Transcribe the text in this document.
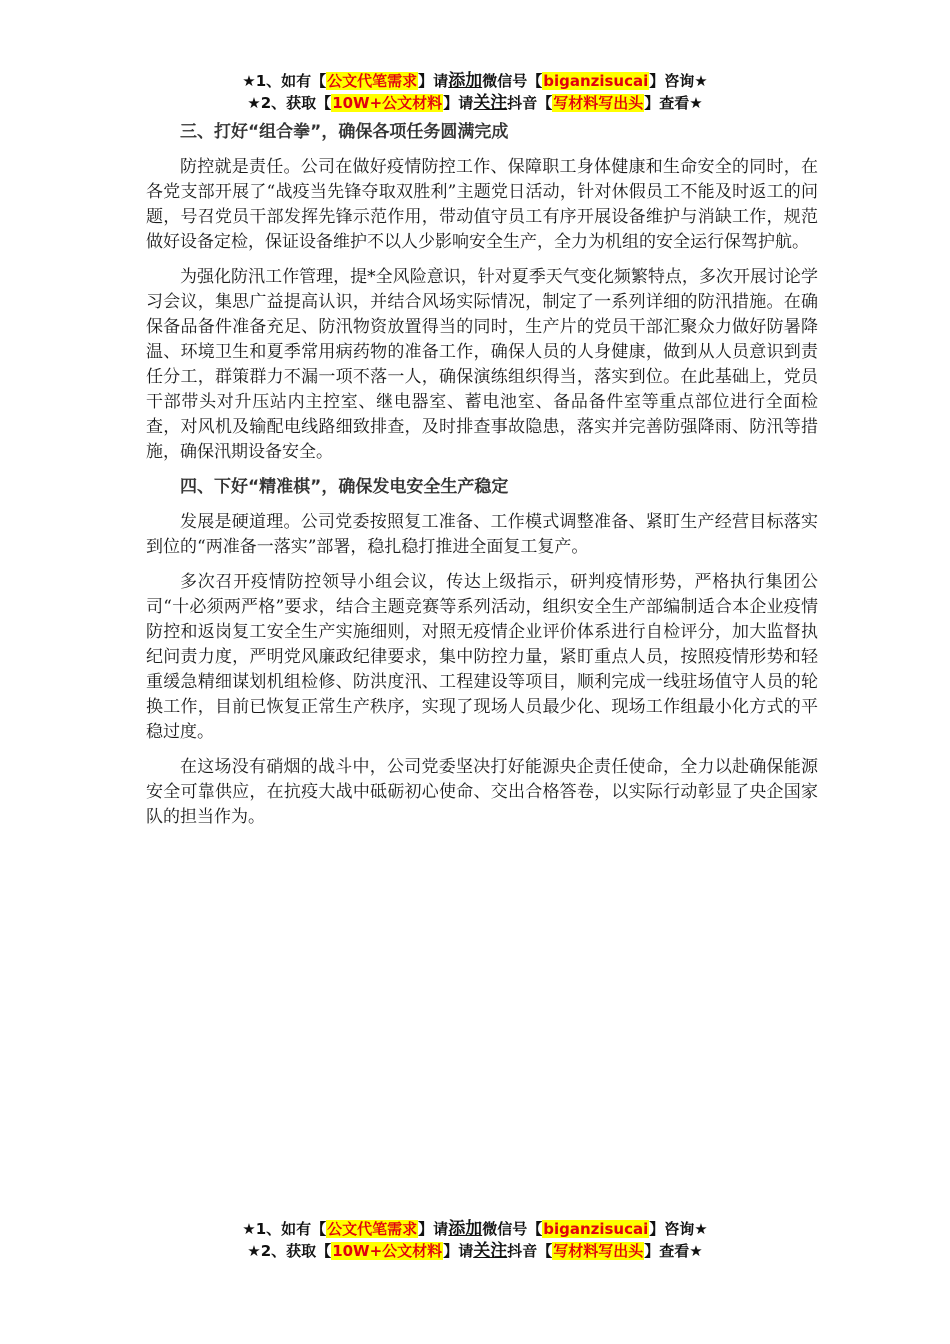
★1、如有【公文代笔需求】请添加微信号【biganzisucai】咨询★
★2、获取【10W+公文材料】请关注抖音【写材料写出头】查看★
三、打好“组合拳”，确保各项任务圆满完成

防控就是责任。公司在做好疫情防控工作、保障职工身体健康和生命安全的同时，在各党支部开展了“战疫当先锋夺取双胜利”主题党日活动，针对休假员工不能及时返工的问题，号召党员干部发挥先锋示范作用，带动值守员工有序开展设备维护与消缺工作，规范做好设备定检，保证设备维护不以人少影响安全生产，全力为机组的安全运行保驾护航。

为强化防汛工作管理，提*全风险意识，针对夏季天气变化频繁特点，多次开展讨论学习会议，集思广益提高认识，并结合风场实际情况，制定了一系列详细的防汛措施。在确保备品备件准备充足、防汛物资放置得当的同时，生产片的党员干部汇聚众力做好防暑降温、环境卫生和夏季常用病药物的准备工作，确保人员的人身健康，做到从人员意识到责任分工，群策群力不漏一项不落一人，确保演练组织得当，落实到位。在此基础上，党员干部带头对升压站内主控室、继电器室、蓄电池室、备品备件室等重点部位进行全面检查，对风机及输配电线路细致排查，及时排查事故隐患，落实并完善防强降雨、防汛等措施，确保汛期设备安全。

四、下好“精准棋”，确保发电安全生产稳定

发展是硬道理。公司党委按照复工准备、工作模式调整准备、紧盯生产经营目标落实到位的“两准备一落实”部署，稳扎稳打推进全面复工复产。

多次召开疫情防控领导小组会议，传达上级指示，研判疫情形势，严格执行集团公司“十必须两严格”要求，结合主题竞赛等系列活动，组织安全生产部编制适合本企业疫情防控和返岗复工安全生产实施细则，对照无疫情企业评价体系进行自检评分，加大监督执纪问责力度，严明党风廉政纪律要求，集中防控力量，紧盯重点人员，按照疫情形势和轻重缓急精细谋划机组检修、防洪度汛、工程建设等项目，顺利完成一线驻场值守人员的轮换工作，目前已恢复正常生产秩序，实现了现场人员最少化、现场工作组最小化方式的平稳过度。

在这场没有硝烟的战斗中，公司党委坚决打好能源央企责任使命，全力以赴确保能源安全可靠供应，在抗疫大战中砥砺初心使命、交出合格答卷，以实际行动彰显了央企国家队的担当作为。

★1、如有【公文代笔需求】请添加微信号【biganzisucai】咨询★
★2、获取【10W+公文材料】请关注抖音【写材料写出头】查看★
